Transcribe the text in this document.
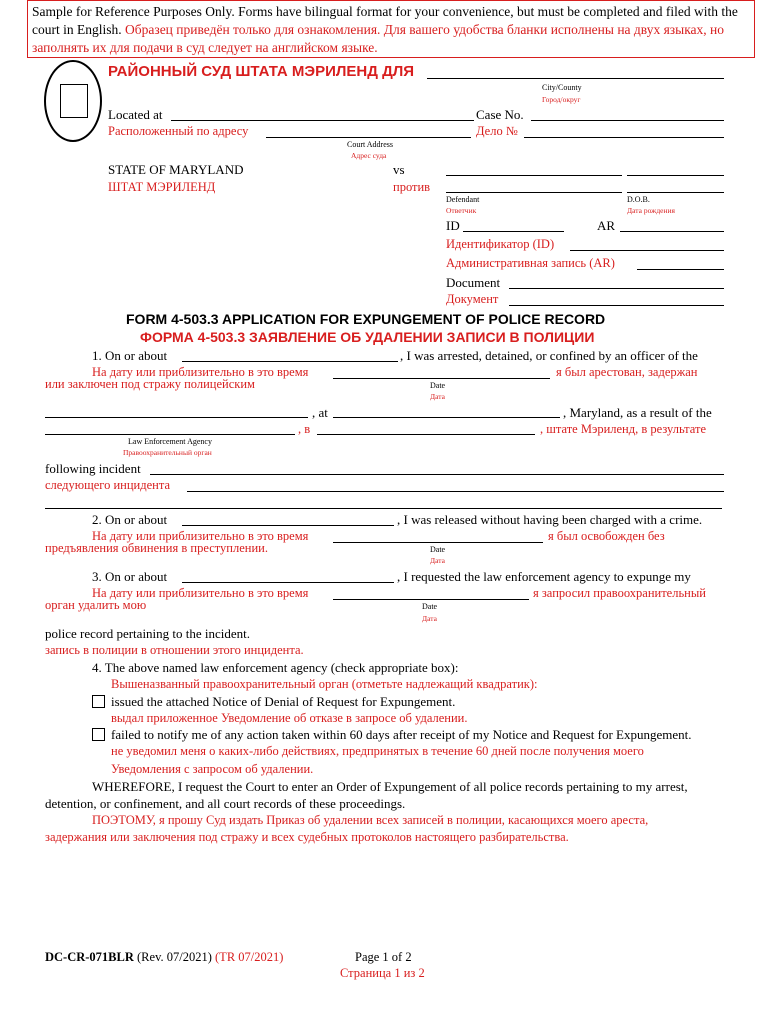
Sample for Reference Purposes Only. Forms have bilingual format for your convenience, but must be completed and filed with the court in English. Образец приведён только для ознакомления. Для вашего удобства бланки исполнены на двух языках, но заполнять их для подачи в суд следует на английском языке.
РАЙОННЫЙ СУД ШТАТА МЭРИЛЕНД ДЛЯ
City/County
Город/округ
Located at	Case No.
Расположенный по адресу	Дело №
Court Address
Адрес суда
STATE OF MARYLAND
ШТАТ МЭРИЛЕНД
vs
против
Defendant
Ответчик
D.O.B.
Дата рождения
ID	AR
Идентификатор (ID)
Административная запись (AR)
Document
Документ
FORM 4-503.3 APPLICATION FOR EXPUNGEMENT OF POLICE RECORD
ФОРМА 4-503.3 ЗАЯВЛЕНИЕ ОБ УДАЛЕНИИ ЗАПИСИ В ПОЛИЦИИ
1. On or about	, I was arrested, detained, or confined by an officer of the
На дату или приблизительно в это время	я был арестован, задержан
или заключен под стражу полицейским	Date
Дата
, at	, Maryland, as a result of the
, в	, штате Мэриленд, в результате
Law Enforcement Agency
Правоохранительный орган
following incident
следующего инцидента
2. On or about	, I was released without having been charged with a crime.
На дату или приблизительно в это время	я был освобожден без
предъявления обвинения в преступлении.	Date
Дата
3. On or about	, I requested the law enforcement agency to expunge my
На дату или приблизительно в это время	я запросил правоохранительный
орган удалить мою	Date
Дата
police record pertaining to the incident.
запись в полиции в отношении этого инцидента.
4. The above named law enforcement agency (check appropriate box):
Вышеназванный правоохранительный орган (отметьте надлежащий квадратик):
issued the attached Notice of Denial of Request for Expungement.
выдал приложенное Уведомление об отказе в запросе об удалении.
failed to notify me of any action taken within 60 days after receipt of my Notice and Request for Expungement.
не уведомил меня о каких-либо действиях, предпринятых в течение 60 дней после получения моего
Уведомления с запросом об удалении.
WHEREFORE, I request the Court to enter an Order of Expungement of all police records pertaining to my arrest,
detention, or confinement, and all court records of these proceedings.
ПОЭТОМУ, я прошу Суд издать Приказ об удалении всех записей в полиции, касающихся моего ареста,
задержания или заключения под стражу и всех судебных протоколов настоящего разбирательства.
DC-CR-071BLR (Rev. 07/2021) (TR 07/2021)	Page 1 of 2
Страница 1 из 2
